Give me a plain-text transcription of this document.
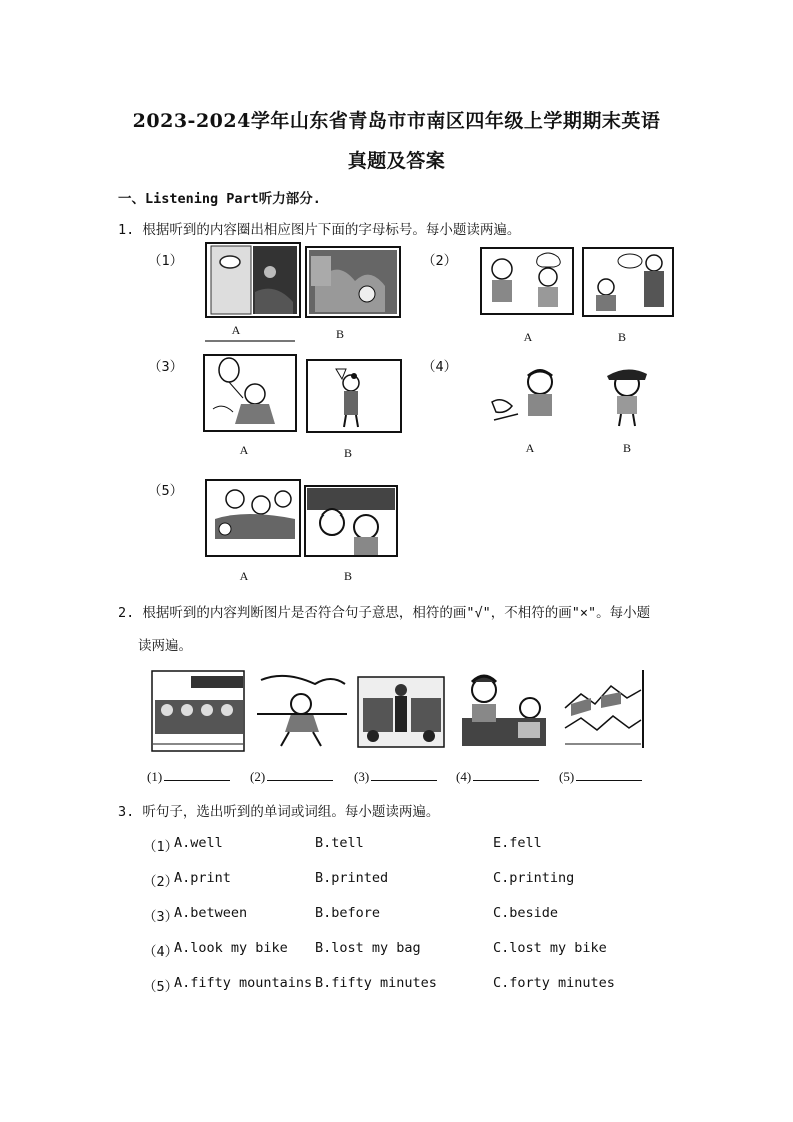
2023-2024学年山东省青岛市市南区四年级上学期期末英语
真题及答案
一、Listening Part听力部分.
1. 根据听到的内容圈出相应图片下面的字母标号。每小题读两遍。
（1）
A	B
（2）
A	B
（3）
A	B
（4）
A	B
（5）
A	B
2. 根据听到的内容判断图片是否符合句子意思，相符的画"√"，不相符的画"×"。每小题
读两遍。
(1)	(2)	(3)	(4)	(5)
3. 听句子，选出听到的单词或词组。每小题读两遍。
（1）
A.well	B.tell	E.fell
（2）
A.print	B.printed	C.printing
（3）
A.between	B.before	C.beside
（4）
A.look my bike B.lost my bag	C.lost my bike
（5）
A.fifty mountains B.fifty minutes	C.forty minutes
